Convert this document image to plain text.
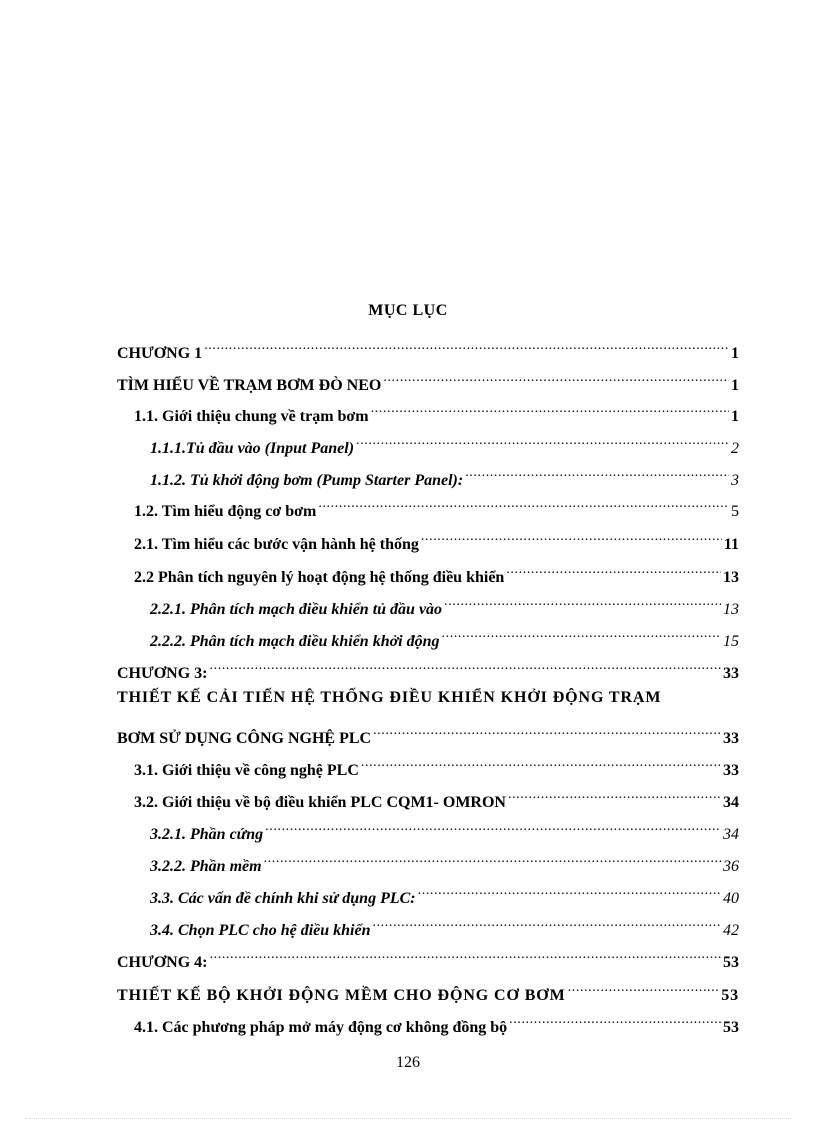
MỤC LỤC
CHƯƠNG 1 .....	1
TÌM HIỂU VỀ TRẠM BƠM ĐÒ NEO .....	1
1.1. Giới thiệu chung về trạm bơm .....	1
1.1.1.Tủ đầu vào (Input Panel) .....	2
1.1.2. Tủ khởi động bơm (Pump Starter Panel): .....	3
1.2. Tìm hiểu động cơ bơm .....	5
2.1. Tìm hiểu các bước vận hành hệ thống .....	11
2.2 Phân tích nguyên lý hoạt động hệ thống điều khiển .....	13
2.2.1. Phân tích mạch điều khiển tủ đầu vào .....	13
2.2.2. Phân tích mạch điều khiển khởi động .....	15
CHƯƠNG 3: .....	33
THIẾT KẾ CẢI TIẾN HỆ THỐNG ĐIỀU KHIỂN KHỞI ĐỘNG TRẠM
BƠM SỬ DỤNG CÔNG NGHỆ PLC .....	33
3.1. Giới thiệu về công nghệ PLC .....	33
3.2. Giới thiệu về bộ điều khiển PLC CQM1- OMRON .....	34
3.2.1. Phần cứng .....	34
3.2.2. Phần mềm .....	36
3.3. Các vấn đề chính khi sử dụng PLC: .....	40
3.4. Chọn PLC cho hệ điều khiển .....	42
CHƯƠNG 4: .....	53
THIẾT KẾ BỘ KHỞI ĐỘNG MỀM CHO ĐỘNG CƠ BƠM .....	53
4.1. Các phương pháp mở máy động cơ không đồng bộ .....	53
126
